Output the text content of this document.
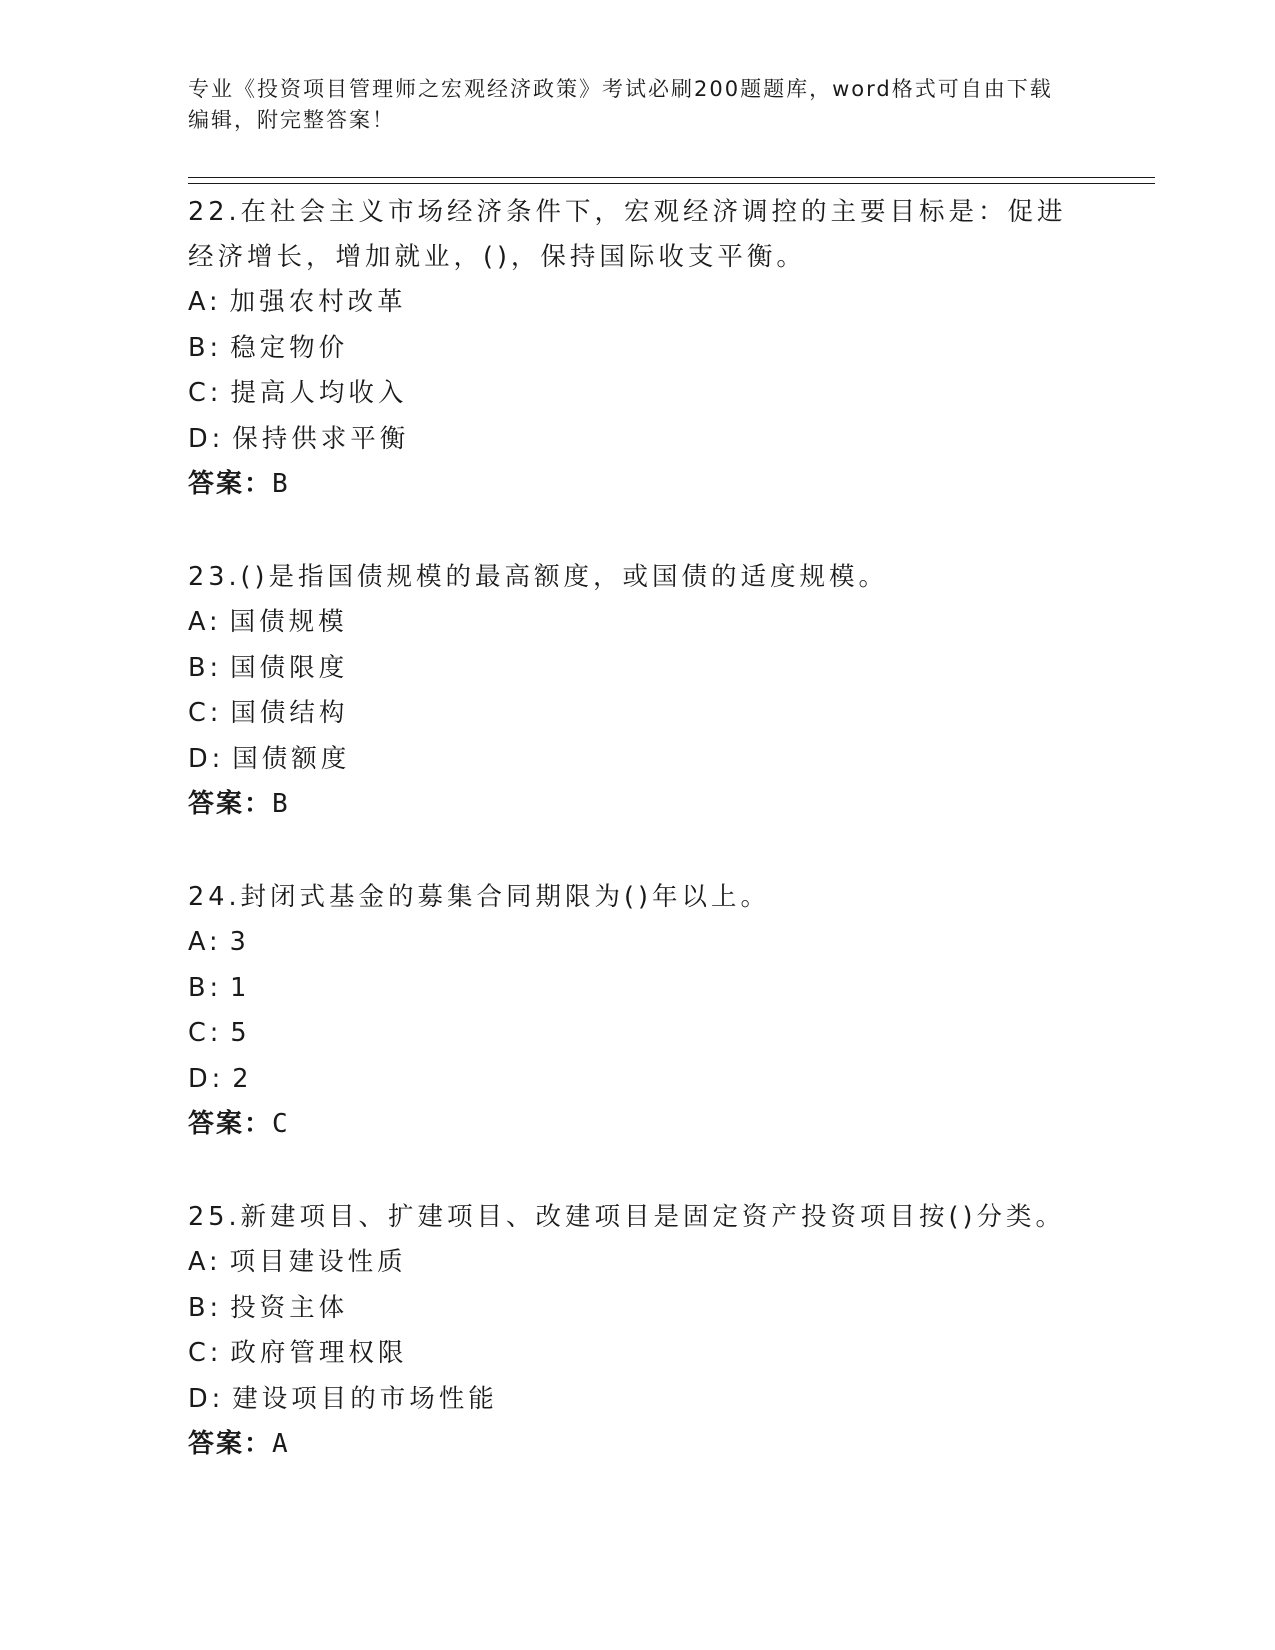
专业《投资项目管理师之宏观经济政策》考试必刷200题题库，word格式可自由下载编辑，附完整答案！

22.在社会主义市场经济条件下，宏观经济调控的主要目标是：促进经济增长，增加就业，()，保持国际收支平衡。

A: 加强农村改革

B: 稳定物价

C: 提高人均收入

D: 保持供求平衡

答案：B

23.()是指国债规模的最高额度，或国债的适度规模。

A: 国债规模

B: 国债限度

C: 国债结构

D: 国债额度

答案：B

24.封闭式基金的募集合同期限为()年以上。

A: 3

B: 1

C: 5

D: 2

答案：C

25.新建项目、扩建项目、改建项目是固定资产投资项目按()分类。

A: 项目建设性质

B: 投资主体

C: 政府管理权限

D: 建设项目的市场性能

答案：A
